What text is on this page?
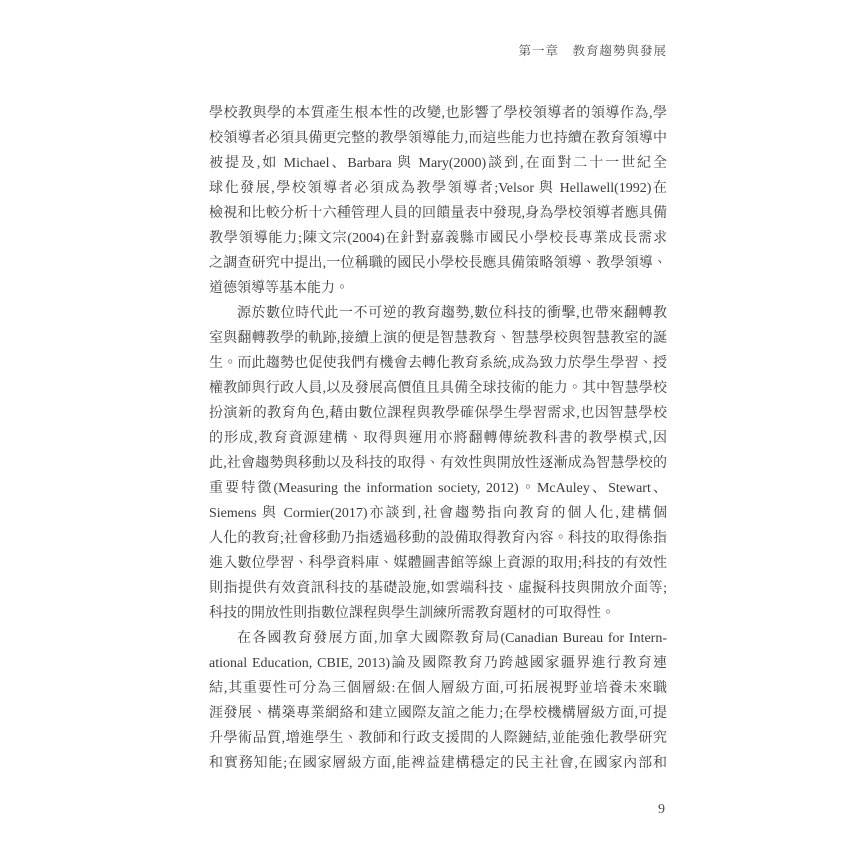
第一章　教育趨勢與發展
學校教與學的本質產生根本性的改變,也影響了學校領導者的領導作為,學
校領導者必須具備更完整的教學領導能力,而這些能力也持續在教育領導中
被提及,如 Michael、Barbara 與 Mary(2000)談到,在面對二十一世紀全
球化發展,學校領導者必須成為教學領導者;Velsor 與 Hellawell(1992)在
檢視和比較分析十六種管理人員的回饋量表中發現,身為學校領導者應具備
教學領導能力;陳文宗(2004)在針對嘉義縣市國民小學校長專業成長需求
之調查研究中提出,一位稱職的國民小學校長應具備策略領導、教學領導、
道德領導等基本能力。
源於數位時代此一不可逆的教育趨勢,數位科技的衝擊,也帶來翻轉教
室與翻轉教學的軌跡,接續上演的便是智慧教育、智慧學校與智慧教室的誕
生。而此趨勢也促使我們有機會去轉化教育系統,成為致力於學生學習、授
權教師與行政人員,以及發展高價值且具備全球技術的能力。其中智慧學校
扮演新的教育角色,藉由數位課程與教學確保學生學習需求,也因智慧學校
的形成,教育資源建構、取得與運用亦將翻轉傳統教科書的教學模式,因
此,社會趨勢與移動以及科技的取得、有效性與開放性逐漸成為智慧學校的
重要特徵(Measuring the information society, 2012)。McAuley、Stewart、
Siemens 與 Cormier(2017)亦談到,社會趨勢指向教育的個人化,建構個
人化的教育;社會移動乃指透過移動的設備取得教育內容。科技的取得係指
進入數位學習、科學資料庫、媒體圖書館等線上資源的取用;科技的有效性
則指提供有效資訊科技的基礎設施,如雲端科技、虛擬科技與開放介面等;
科技的開放性則指數位課程與學生訓練所需教育題材的可取得性。
在各國教育發展方面,加拿大國際教育局(Canadian Bureau for Intern-
ational Education, CBIE, 2013)論及國際教育乃跨越國家疆界進行教育連
結,其重要性可分為三個層級:在個人層級方面,可拓展視野並培養未來職
涯發展、構築專業網絡和建立國際友誼之能力;在學校機構層級方面,可提
升學術品質,增進學生、教師和行政支援間的人際鏈結,並能強化教學研究
和實務知能;在國家層級方面,能裨益建構穩定的民主社會,在國家內部和
9
